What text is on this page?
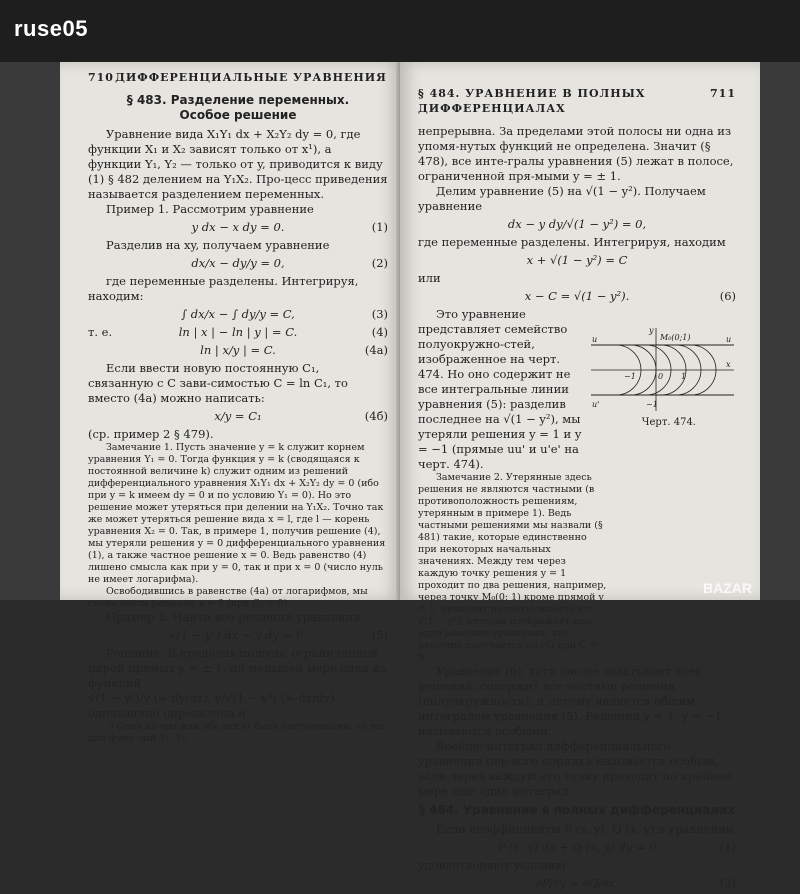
ruse05
710 ДИФФЕРЕНЦИАЛЬНЫЕ УРАВНЕНИЯ
§ 483. Разделение переменных.
Особое решение

Уравнение вида X₁Y₁ dx + X₂Y₂ dy = 0, где функции X₁ и X₂ зависят только от x¹), а функции Y₁, Y₂ — только от y, приводится к виду (1) § 482 делением на Y₁X₂. Про-цесс приведения называется разделением переменных.

Пример 1. Рассмотрим уравнение

y dx − x dy = 0.	(1)

Разделив на xy, получаем уравнение

dx/x − dy/y = 0,	(2)

где переменные разделены. Интегрируя, находим:

∫ dx/x − ∫ dy/y = C,	(3)
т. е.	ln | x | − ln | y | = C.	(4)
ln | x/y | = C.	(4a)

Если ввести новую постоянную C₁, связанную с C зави-симостью C = ln C₁, то вместо (4а) можно написать:

x/y = C₁	(4б)

(ср. пример 2 § 479).

Замечание 1. Пусть значение y = k служит корнем уравнения Y₁ = 0. Тогда функция y = k (сводящаяся к постоянной величине k) служит одним из решений дифференциального уравнения X₁Y₁ dx + X₂Y₂ dy = 0 (ибо при y = k имеем dy = 0 и по условию Y₁ = 0). Но это решение может утеряться при делении на Y₁X₂. Точно так же может утеряться решение вида x = l, где l — корень уравнения X₂ = 0. Так, в примере 1, получив решение (4), мы утеряли решения y = 0 дифференциального уравнения (1), а также частное решение x = 0. Ведь равенство (4) лишено смысла как при y = 0, так и при x = 0 (число нуль не имеет логарифма).

Освободившись в равенстве (4а) от логарифмов, мы снова ввели решение x = 0 (при C₁ = 0).

Пример 2. Найти все решения уравнения

√(1 − y²) dx − y dy = 0.	(5)

Решение. В пределах полосы, ограниченной парой прямых y = ± 1, по меньшей мере одна из функций

√(1 − y²)/y (= dy/dx), y/√(1 − y²) (= dx/dy) однозначно определена и

¹) Одна из них или обе могут быть постоянными; то же для функ-ций Y₁, Y₂.

§ 484. УРАВНЕНИЕ В ПОЛНЫХ ДИФФЕРЕНЦИАЛАХ
711

непрерывна. За пределами этой полосы ни одна из упомя-нутых функций не определена. Значит (§ 478), все инте-гралы уравнения (5) лежат в полосе, ограниченной пря-мыми y = ± 1.

Делим уравнение (5) на √(1 − y²). Получаем уравнение

dx − y dy/√(1 − y²) = 0,

где переменные разделены. Интегрируя, находим

x + √(1 − y²) = C

или

x − C = √(1 − y²).	(6)

Это уравнение представляет семейство полуокружно-стей, изображенное на черт. 474. Но оно содержит не все интегральные линии уравнения (5): разделив последнее на √(1 − y²), мы утеряли решения y = 1 и y = −1 (прямые uu' и u'e' на черт. 474).

u
y
M₀(0;1)	u
x
0
−1	1
u'	−1
Черт. 474.

Замечание 2. Утерянные здесь решения не являются частными (в противоположность решениям, утерянным в примере 1). Ведь частными решениями мы назвали (§ 481) такие, которые единственно при некоторых начальных значениях. Между тем через каждую точку решения y = 1 проходит по два решения, например, через точку M₀(0; 1) кроме прямой y = 1, проходит полуокружность x = √(1 − y²), которая изображает еще одно решение уравнения; это решение получается из (6) при C = 0.

Уравнение (6), хотя оно не охватывает всех решений, содержит все частные решения (полуокружности), и потому является общим интегралом уравнения (5). Решения y = 1, y = −1 называются особыми.

Вообще интеграл дифференциального уравнения пер-вого порядка называется особым, если через каждую его точку проходит по крайней мере еще один интеграл.

§ 484. Уравнение в полных дифференциалах

Если коэффициенты P (x, y), Q (x, y) в уравнении

P (x, y) dx + Q (x, y) dy = 0	(1)

удовлетворяют условию

∂P/∂y = ∂Q/∂x,	(2)
BAZAR
